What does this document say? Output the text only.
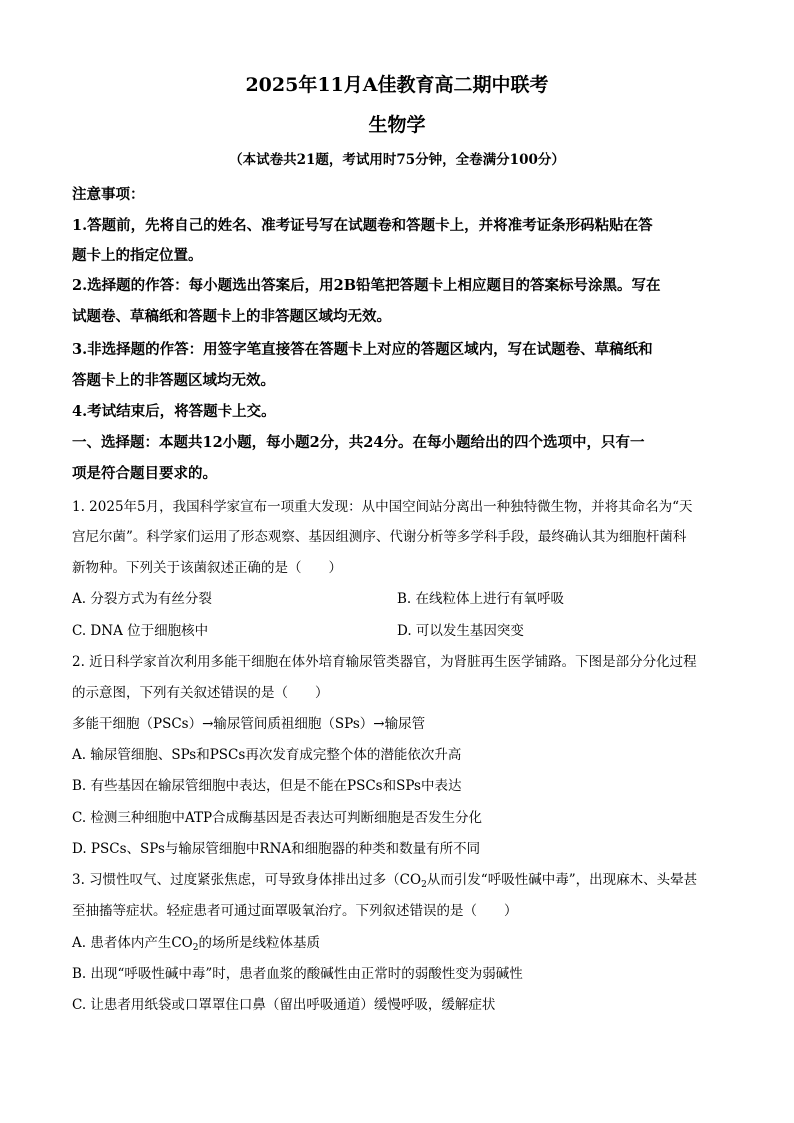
2025年11月A佳教育高二期中联考
生物学
（本试卷共21题，考试用时75分钟，全卷满分100分）
注意事项：
1.答题前，先将自己的姓名、准考证号写在试题卷和答题卡上，并将准考证条形码粘贴在答
题卡上的指定位置。
2.选择题的作答：每小题选出答案后，用2B铅笔把答题卡上相应题目的答案标号涂黑。写在
试题卷、草稿纸和答题卡上的非答题区域均无效。
3.非选择题的作答：用签字笔直接答在答题卡上对应的答题区域内，写在试题卷、草稿纸和
答题卡上的非答题区域均无效。
4.考试结束后，将答题卡上交。
一、选择题：本题共12小题，每小题2分，共24分。在每小题给出的四个选项中，只有一
项是符合题目要求的。
1. 2025年5月，我国科学家宣布一项重大发现：从中国空间站分离出一种独特微生物，并将其命名为“天
宫尼尔菌”。科学家们运用了形态观察、基因组测序、代谢分析等多学科手段，最终确认其为细胞杆菌科
新物种。下列关于该菌叙述正确的是（　　）
A. 分裂方式为有丝分裂	B. 在线粒体上进行有氧呼吸
C. DNA 位于细胞核中	D. 可以发生基因突变
2. 近日科学家首次利用多能干细胞在体外培育输尿管类器官，为肾脏再生医学铺路。下图是部分分化过程
的示意图，下列有关叙述错误的是（　　）
多能干细胞（PSCs）→输尿管间质祖细胞（SPs）→输尿管
A. 输尿管细胞、SPs和PSCs再次发育成完整个体的潜能依次升高
B. 有些基因在输尿管细胞中表达，但是不能在PSCs和SPs中表达
C. 检测三种细胞中ATP合成酶基因是否表达可判断细胞是否发生分化
D. PSCs、SPs与输尿管细胞中RNA和细胞器的种类和数量有所不同
3. 习惯性叹气、过度紧张焦虑，可导致身体排出过多（$CO_2$从而引发“呼吸性碱中毒”，出现麻木、头晕甚
至抽搐等症状。轻症患者可通过面罩吸氧治疗。下列叙述错误的是（　　）
A. 患者体内产生$CO_2$的场所是线粒体基质
B. 出现“呼吸性碱中毒”时，患者血浆的酸碱性由正常时的弱酸性变为弱碱性
C. 让患者用纸袋或口罩罩住口鼻（留出呼吸通道）缓慢呼吸，缓解症状
